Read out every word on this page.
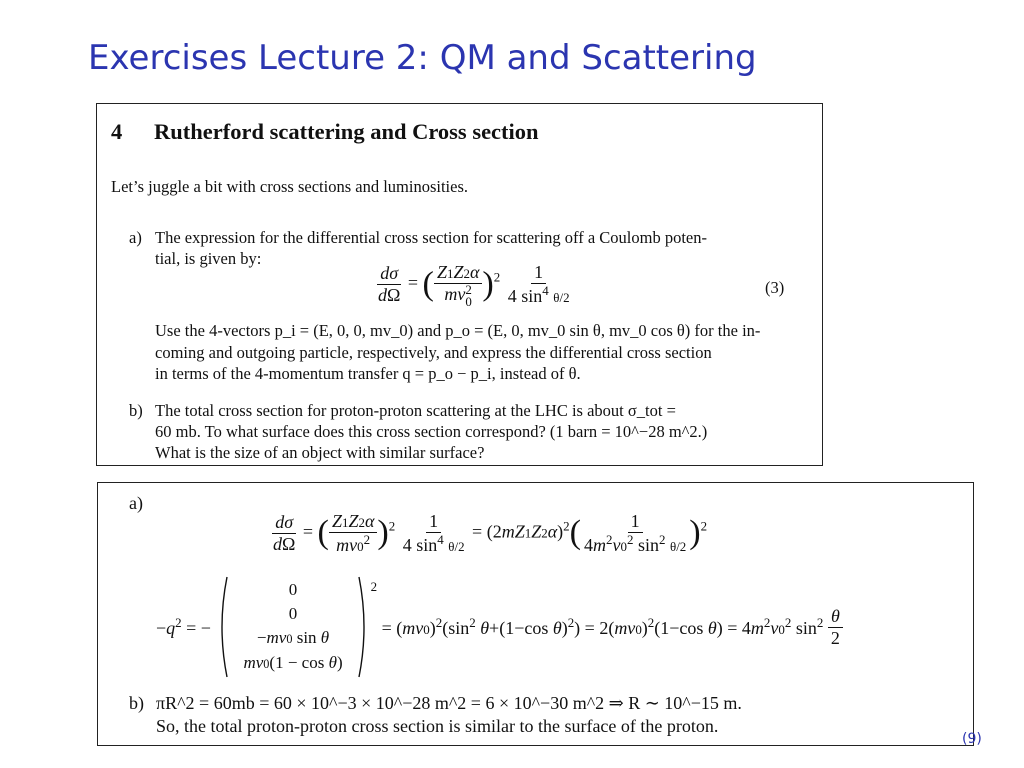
Exercises Lecture 2: QM and Scattering
4 Rutherford scattering and Cross section
Let’s juggle a bit with cross sections and luminosities.
a) The expression for the differential cross section for scattering off a Coulomb poten-
tial, is given by:
$\frac{d\sigma}{d\Omega}$ = ( Z1Z2α
mv 2
0 )$^2 \frac{1}{4 \sin^4 \theta/2}$	(3)
Use the 4-vectors p_i = (E, 0, 0, mv_0) and p_o = (E, 0, mv_0 sin θ, mv_0 cos θ) for the in-
coming and outgoing particle, respectively, and express the differential cross section
in terms of the 4-momentum transfer q = p_o − p_i, instead of θ.
b) The total cross section for proton-proton scattering at the LHC is about σ_tot =
60 mb. To what surface does this cross section correspond? (1 barn = 10^−28 m^2.)
What is the size of an object with similar surface?
a)
$\frac{d\sigma}{d\Omega}$ = ( $\frac{Z1Z2\alpha}{mv0^2} )^2 \frac{1}{4 \sin^4 \theta/2} = (2mZ1Z2\alpha)^2( \frac{1}{4m^2v0^2 \sin^2 \theta/2} )^2$
$-q^2$ = −
0
0
−mv0 sin θ
mv0(1 − cos θ)
$^2 = (mv0)^2(\sin^2$ θ+(1−cos $\theta)^2) = 2(mv0)^2(1-\cos$ $\theta) = 4m^2v0^2$ $\sin^2 \frac{\theta}{2}$
b) πR^2 = 60mb = 60 × 10^−3 × 10^−28 m^2 = 6 × 10^−30 m^2 ⇒ R ∼ 10^−15 m.
So, the total proton-proton cross section is similar to the surface of the proton.
(9)
